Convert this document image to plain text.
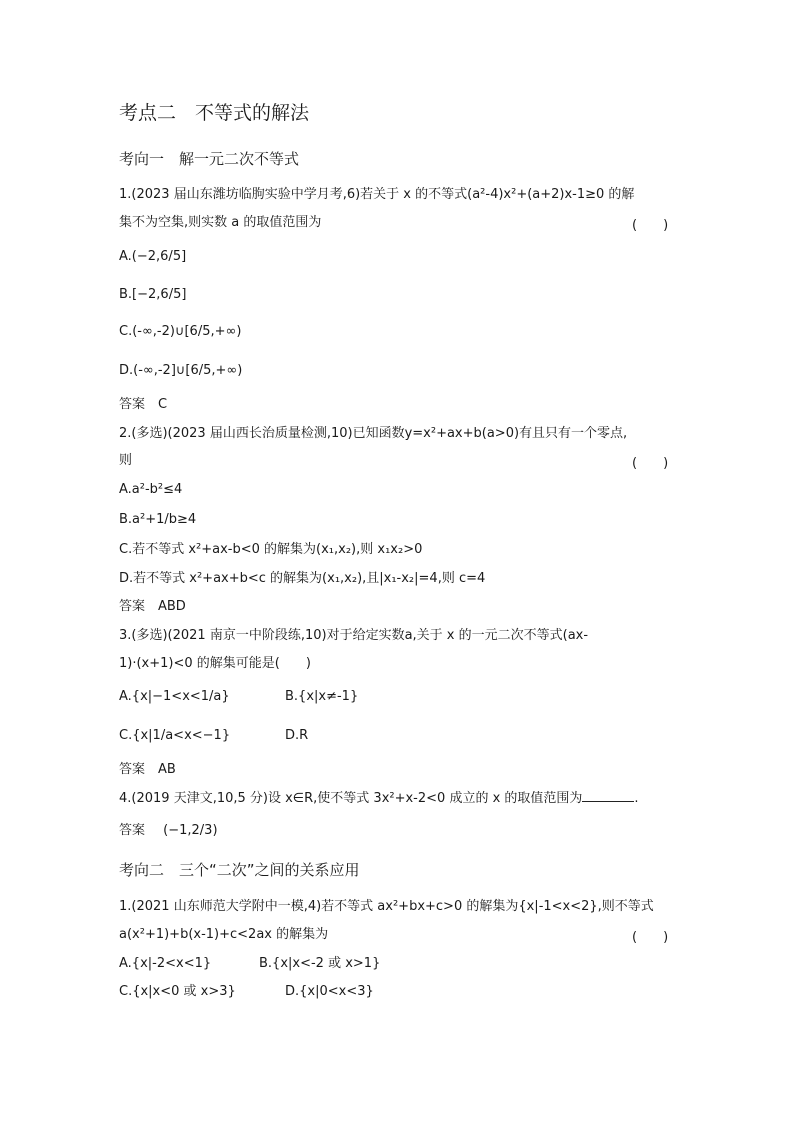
考点二　不等式的解法
考向一　解一元二次不等式
1.(2023 届山东潍坊临朐实验中学月考,6)若关于 x 的不等式(a²-4)x²+(a+2)x-1≥0 的解
集不为空集,则实数 a 的取值范围为	(　　)
A.(−2,6/5]
B.[−2,6/5]
C.(-∞,-2)∪[6/5,+∞)
D.(-∞,-2]∪[6/5,+∞)
答案　C
2.(多选)(2023 届山西长治质量检测,10)已知函数y=x²+ax+b(a>0)有且只有一个零点,
则	(　　)
A.a²-b²≤4
B.a²+1/b≥4
C.若不等式 x²+ax-b<0 的解集为(x₁,x₂),则 x₁x₂>0
D.若不等式 x²+ax+b<c 的解集为(x₁,x₂),且|x₁-x₂|=4,则 c=4
答案　ABD
3.(多选)(2021 南京一中阶段练,10)对于给定实数a,关于 x 的一元二次不等式(ax-
1)·(x+1)<0 的解集可能是(　　)
A.{x|−1<x<1/a}	B.{x|x≠-1}
C.{x|1/a<x<−1}	D.R
答案　AB
4.(2019 天津文,10,5 分)设 x∈R,使不等式 3x²+x-2<0 成立的 x 的取值范围为	.
答案 (−1,2/3)
考向二　三个“二次”之间的关系应用
1.(2021 山东师范大学附中一模,4)若不等式 ax²+bx+c>0 的解集为{x|-1<x<2},则不等式
a(x²+1)+b(x-1)+c<2ax 的解集为	(　　)
A.{x|-2<x<1}	B.{x|x<-2 或 x>1}
C.{x|x<0 或 x>3}	D.{x|0<x<3}
